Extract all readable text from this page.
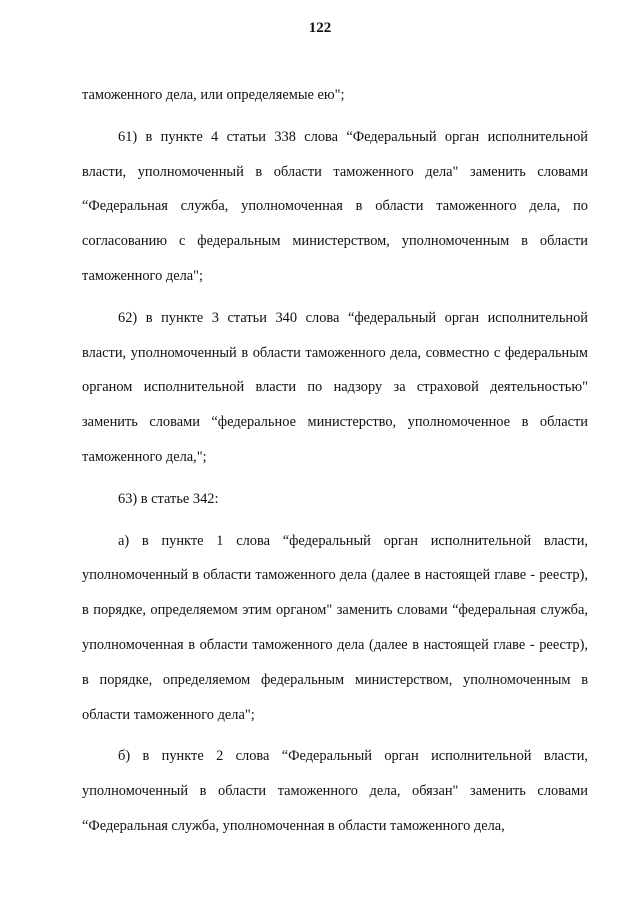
122

таможенного дела, или определяемые ею";

61) в пункте 4 статьи 338 слова “Федеральный орган исполнительной власти, уполномоченный в области таможенного дела" заменить словами “Федеральная служба, уполномоченная в области таможенного дела, по согласованию с федеральным министерством, уполномоченным в области таможенного дела";

62) в пункте 3 статьи 340 слова “федеральный орган исполнительной власти, уполномоченный в области таможенного дела, совместно с федеральным органом исполнительной власти по надзору за страховой деятельностью" заменить словами “федеральное министерство, уполномоченное в области таможенного дела,";

63) в статье 342:

а) в пункте 1 слова “федеральный орган исполнительной власти, уполномоченный в области таможенного дела (далее в настоящей главе - реестр), в порядке, определяемом этим органом" заменить словами “федеральная служба, уполномоченная в области таможенного дела (далее в настоящей главе - реестр), в порядке, определяемом федеральным министерством, уполномоченным в области таможенного дела";

б) в пункте 2 слова “Федеральный орган исполнительной власти, уполномоченный в области таможенного дела, обязан" заменить словами “Федеральная служба, уполномоченная в области таможенного дела,
